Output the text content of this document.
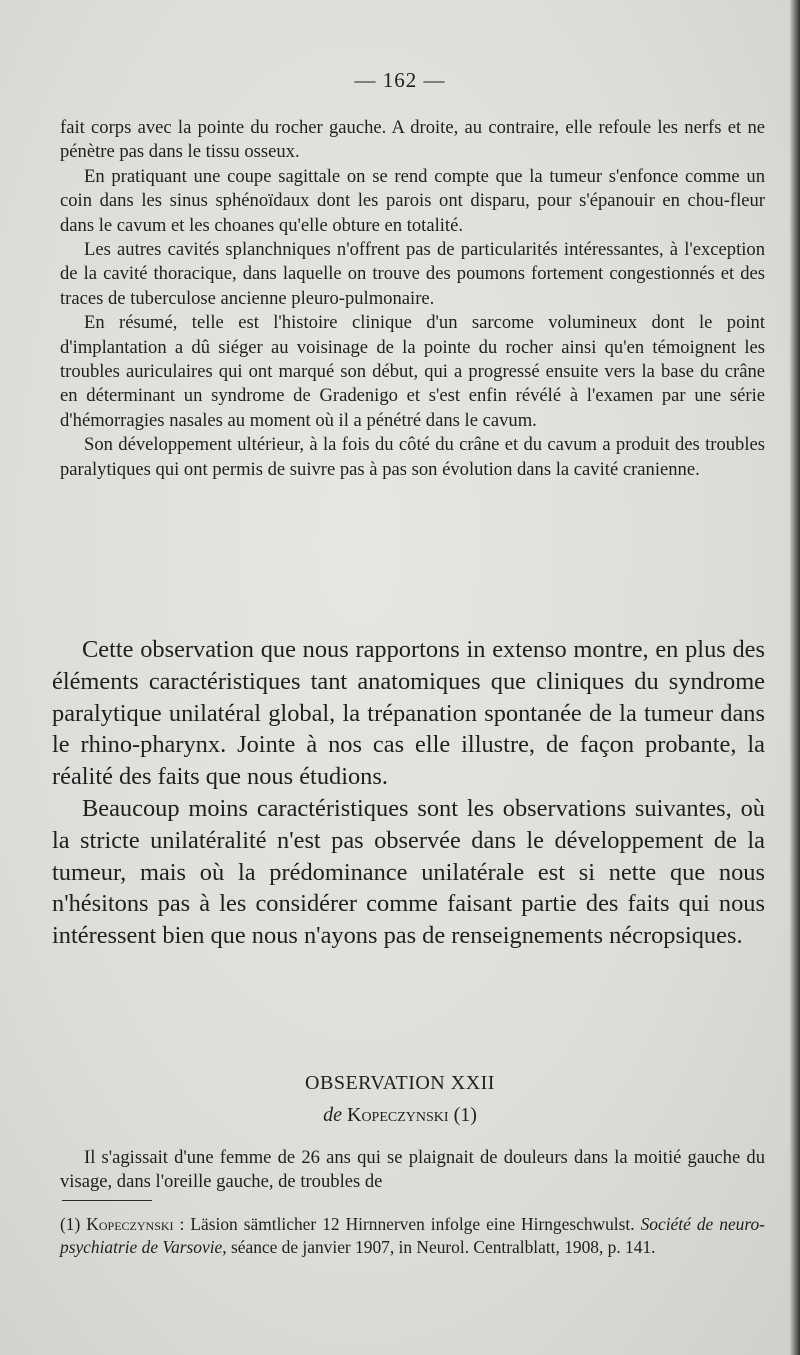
— 162 —

fait corps avec la pointe du rocher gauche. A droite, au contraire, elle refoule les nerfs et ne pénètre pas dans le tissu osseux.

En pratiquant une coupe sagittale on se rend compte que la tumeur s'enfonce comme un coin dans les sinus sphénoïdaux dont les parois ont disparu, pour s'épanouir en chou-fleur dans le cavum et les choanes qu'elle obture en totalité.

Les autres cavités splanchniques n'offrent pas de particularités intéressantes, à l'exception de la cavité thoracique, dans laquelle on trouve des poumons fortement congestionnés et des traces de tuberculose ancienne pleuro-pulmonaire.

En résumé, telle est l'histoire clinique d'un sarcome volumineux dont le point d'implantation a dû siéger au voisinage de la pointe du rocher ainsi qu'en témoignent les troubles auriculaires qui ont marqué son début, qui a progressé ensuite vers la base du crâne en déterminant un syndrome de Gradenigo et s'est enfin révélé à l'examen par une série d'hémorragies nasales au moment où il a pénétré dans le cavum.

Son développement ultérieur, à la fois du côté du crâne et du cavum a produit des troubles paralytiques qui ont permis de suivre pas à pas son évolution dans la cavité cranienne.

Cette observation que nous rapportons in extenso montre, en plus des éléments caractéristiques tant anatomiques que cliniques du syndrome paralytique unilatéral global, la trépanation spontanée de la tumeur dans le rhino-pharynx. Jointe à nos cas elle illustre, de façon probante, la réalité des faits que nous étudions.

Beaucoup moins caractéristiques sont les observations suivantes, où la stricte unilatéralité n'est pas observée dans le développement de la tumeur, mais où la prédominance unilatérale est si nette que nous n'hésitons pas à les considérer comme faisant partie des faits qui nous intéressent bien que nous n'ayons pas de renseignements nécropsiques.

OBSERVATION XXII
de Kopeczynski (1)

Il s'agissait d'une femme de 26 ans qui se plaignait de douleurs dans la moitié gauche du visage, dans l'oreille gauche, de troubles de

(1) Kopeczynski : Läsion sämtlicher 12 Hirnnerven infolge eine Hirngeschwulst. Société de neuro-psychiatrie de Varsovie, séance de janvier 1907, in Neurol. Centralblatt, 1908, p. 141.
